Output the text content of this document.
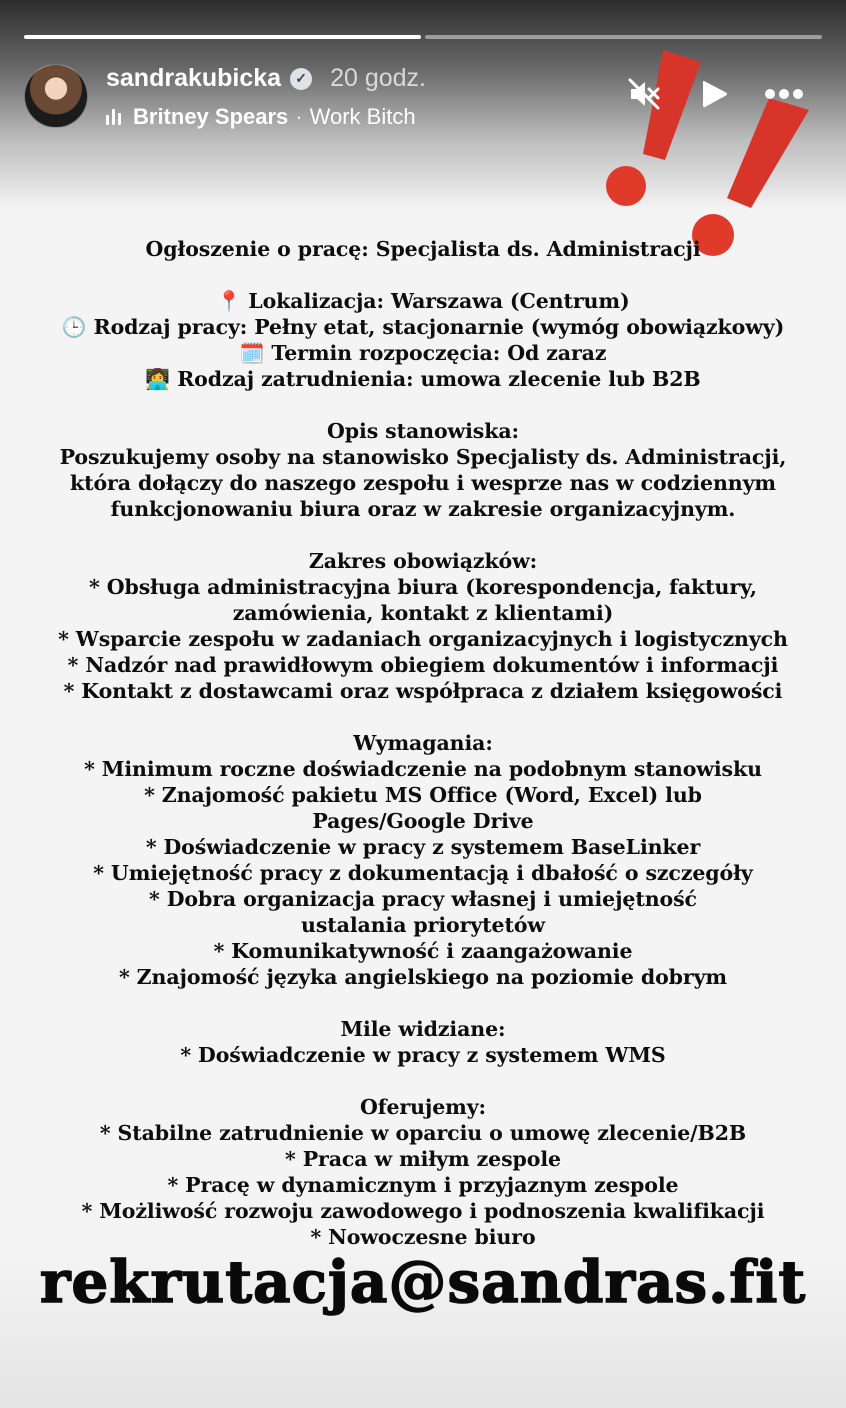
sandrakubicka	✓ 20 godz.
Britney Spears · Work Bitch

Ogłoszenie o pracę: Specjalista ds. Administracji

📍 Lokalizacja: Warszawa (Centrum)

🕒 Rodzaj pracy: Pełny etat, stacjonarnie (wymóg obowiązkowy)

🗓️ Termin rozpoczęcia: Od zaraz

👩‍💻 Rodzaj zatrudnienia: umowa zlecenie lub B2B

Opis stanowiska:

Poszukujemy osoby na stanowisko Specjalisty ds. Administracji, która dołączy do naszego zespołu i wesprze nas w codziennym funkcjonowaniu biura oraz w zakresie organizacyjnym.

Zakres obowiązków:

* Obsługa administracyjna biura (korespondencja, faktury, zamówienia, kontakt z klientami)

* Wsparcie zespołu w zadaniach organizacyjnych i logistycznych

* Nadzór nad prawidłowym obiegiem dokumentów i informacji

* Kontakt z dostawcami oraz współpraca z działem księgowości

Wymagania:

* Minimum roczne doświadczenie na podobnym stanowisku

* Znajomość pakietu MS Office (Word, Excel) lub Pages/Google Drive

* Doświadczenie w pracy z systemem BaseLinker

* Umiejętność pracy z dokumentacją i dbałość o szczegóły

* Dobra organizacja pracy własnej i umiejętność ustalania priorytetów

* Komunikatywność i zaangażowanie

* Znajomość języka angielskiego na poziomie dobrym

Mile widziane:

* Doświadczenie w pracy z systemem WMS

Oferujemy:

* Stabilne zatrudnienie w oparciu o umowę zlecenie/B2B

* Praca w miłym zespole

* Pracę w dynamicznym i przyjaznym zespole

* Możliwość rozwoju zawodowego i podnoszenia kwalifikacji

* Nowoczesne biuro

rekrutacja@sandras.fit
